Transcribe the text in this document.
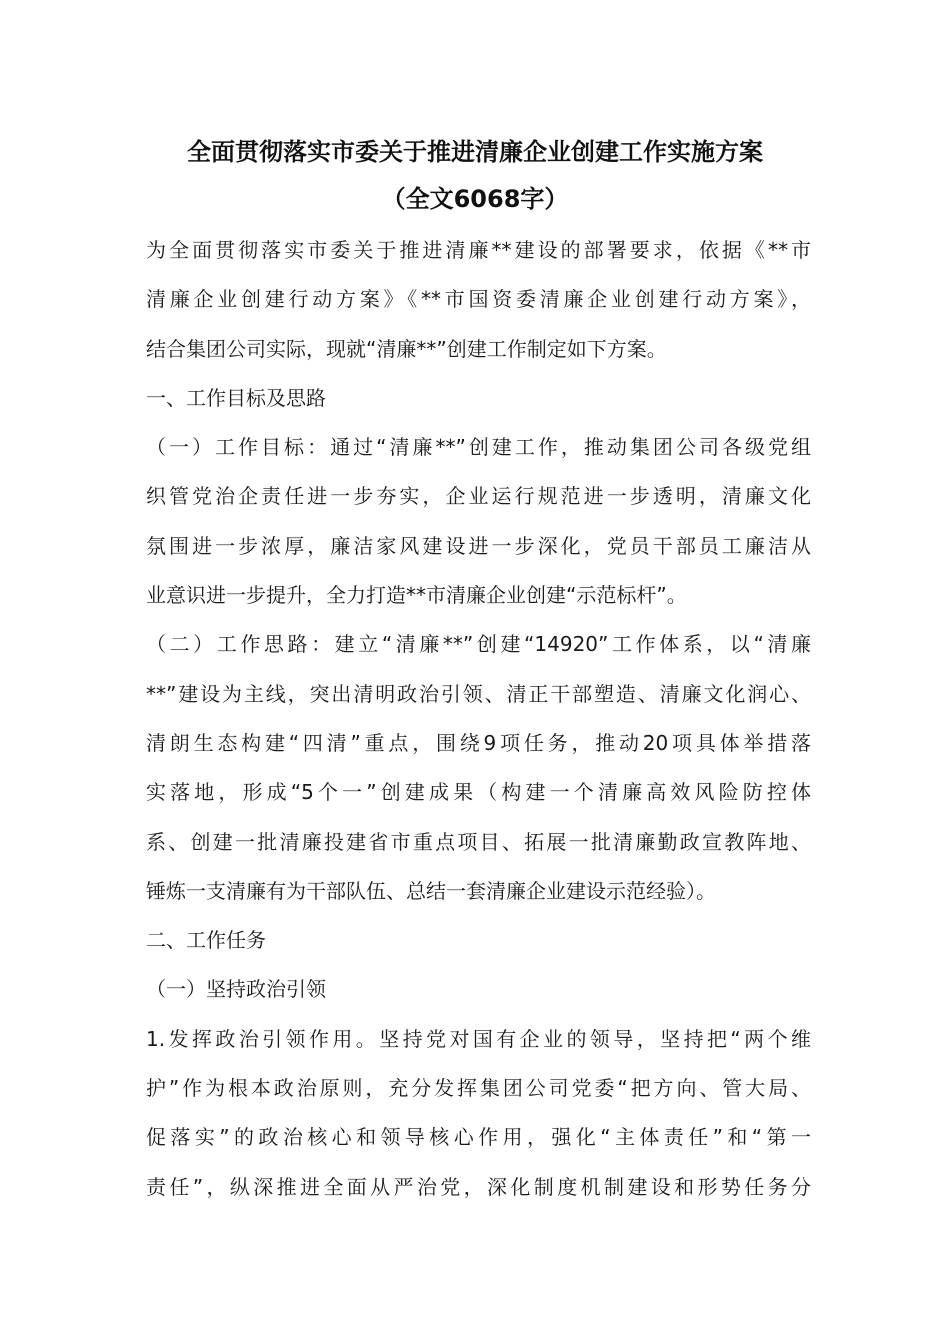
全面贯彻落实市委关于推进清廉企业创建工作实施方案
（全文6068字）
为全面贯彻落实市委关于推进清廉**建设的部署要求，依据《**市
清廉企业创建行动方案》《**市国资委清廉企业创建行动方案》，
结合集团公司实际，现就“清廉**”创建工作制定如下方案。
一、工作目标及思路
（一）工作目标：通过“清廉**”创建工作，推动集团公司各级党组
织管党治企责任进一步夯实，企业运行规范进一步透明，清廉文化
氛围进一步浓厚，廉洁家风建设进一步深化，党员干部员工廉洁从
业意识进一步提升，全力打造**市清廉企业创建“示范标杆”。
（二）工作思路：建立“清廉**”创建“14920”工作体系，以“清廉
**”建设为主线，突出清明政治引领、清正干部塑造、清廉文化润心、
清朗生态构建“四清”重点，围绕9项任务，推动20项具体举措落
实落地，形成“5个一”创建成果（构建一个清廉高效风险防控体
系、创建一批清廉投建省市重点项目、拓展一批清廉勤政宣教阵地、
锤炼一支清廉有为干部队伍、总结一套清廉企业建设示范经验）。
二、工作任务
（一）坚持政治引领
1.发挥政治引领作用。坚持党对国有企业的领导，坚持把“两个维
护”作为根本政治原则，充分发挥集团公司党委“把方向、管大局、
促落实”的政治核心和领导核心作用，强化“主体责任”和“第一
责任”，纵深推进全面从严治党，深化制度机制建设和形势任务分
